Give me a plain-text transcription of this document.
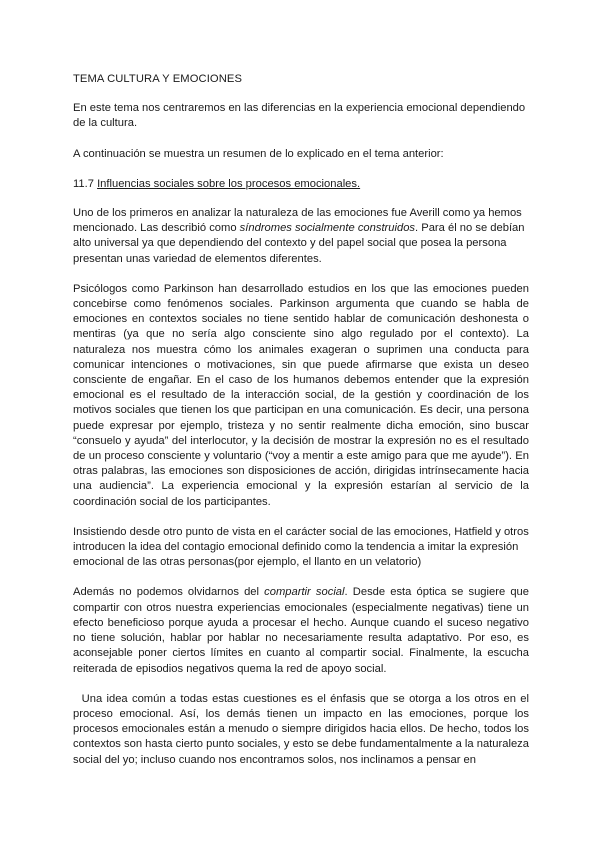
TEMA CULTURA Y EMOCIONES

En este tema nos centraremos en las diferencias en la experiencia emocional dependiendo de la cultura.

A continuación se muestra un resumen de lo explicado en el tema anterior:

11.7 Influencias sociales sobre los procesos emocionales.

Uno de los primeros en analizar la naturaleza de las emociones fue Averill como ya hemos mencionado. Las describió como síndromes socialmente construidos. Para él no se debían alto universal ya que dependiendo del contexto y del papel social que posea la persona presentan unas variedad de elementos diferentes.

Psicólogos como Parkinson han desarrollado estudios en los que las emociones pueden concebirse como fenómenos sociales. Parkinson argumenta que cuando se habla de emociones en contextos sociales no tiene sentido hablar de comunicación deshonesta o mentiras (ya que no sería algo consciente sino algo regulado por el contexto). La naturaleza nos muestra cómo los animales exageran o suprimen una conducta para comunicar intenciones o motivaciones, sin que puede afirmarse que exista un deseo consciente de engañar. En el caso de los humanos debemos entender que la expresión emocional es el resultado de la interacción social, de la gestión y coordinación de los motivos sociales que tienen los que participan en una comunicación. Es decir, una persona puede expresar por ejemplo, tristeza y no sentir realmente dicha emoción, sino buscar “consuelo y ayuda” del interlocutor, y la decisión de mostrar la expresión no es el resultado de un proceso consciente y voluntario (“voy a mentir a este amigo para que me ayude”). En otras palabras, las emociones son disposiciones de acción, dirigidas intrínsecamente hacia una audiencia”. La experiencia emocional y la expresión estarían al servicio de la coordinación social de los participantes.

Insistiendo desde otro punto de vista en el carácter social de las emociones, Hatfield y otros introducen la idea del contagio emocional definido como la tendencia a imitar la expresión emocional de las otras personas(por ejemplo, el llanto en un velatorio)

Además no podemos olvidarnos del compartir social. Desde esta óptica se sugiere que compartir con otros nuestra experiencias emocionales (especialmente negativas) tiene un efecto beneficioso porque ayuda a procesar el hecho. Aunque cuando el suceso negativo no tiene solución, hablar por hablar no necesariamente resulta adaptativo. Por eso, es aconsejable poner ciertos límites en cuanto al compartir social. Finalmente, la escucha reiterada de episodios negativos quema la red de apoyo social.

Una idea común a todas estas cuestiones es el énfasis que se otorga a los otros en el proceso emocional. Así, los demás tienen un impacto en las emociones, porque los procesos emocionales están a menudo o siempre dirigidos hacia ellos. De hecho, todos los contextos son hasta cierto punto sociales, y esto se debe fundamentalmente a la naturaleza social del yo; incluso cuando nos encontramos solos, nos inclinamos a pensar en
